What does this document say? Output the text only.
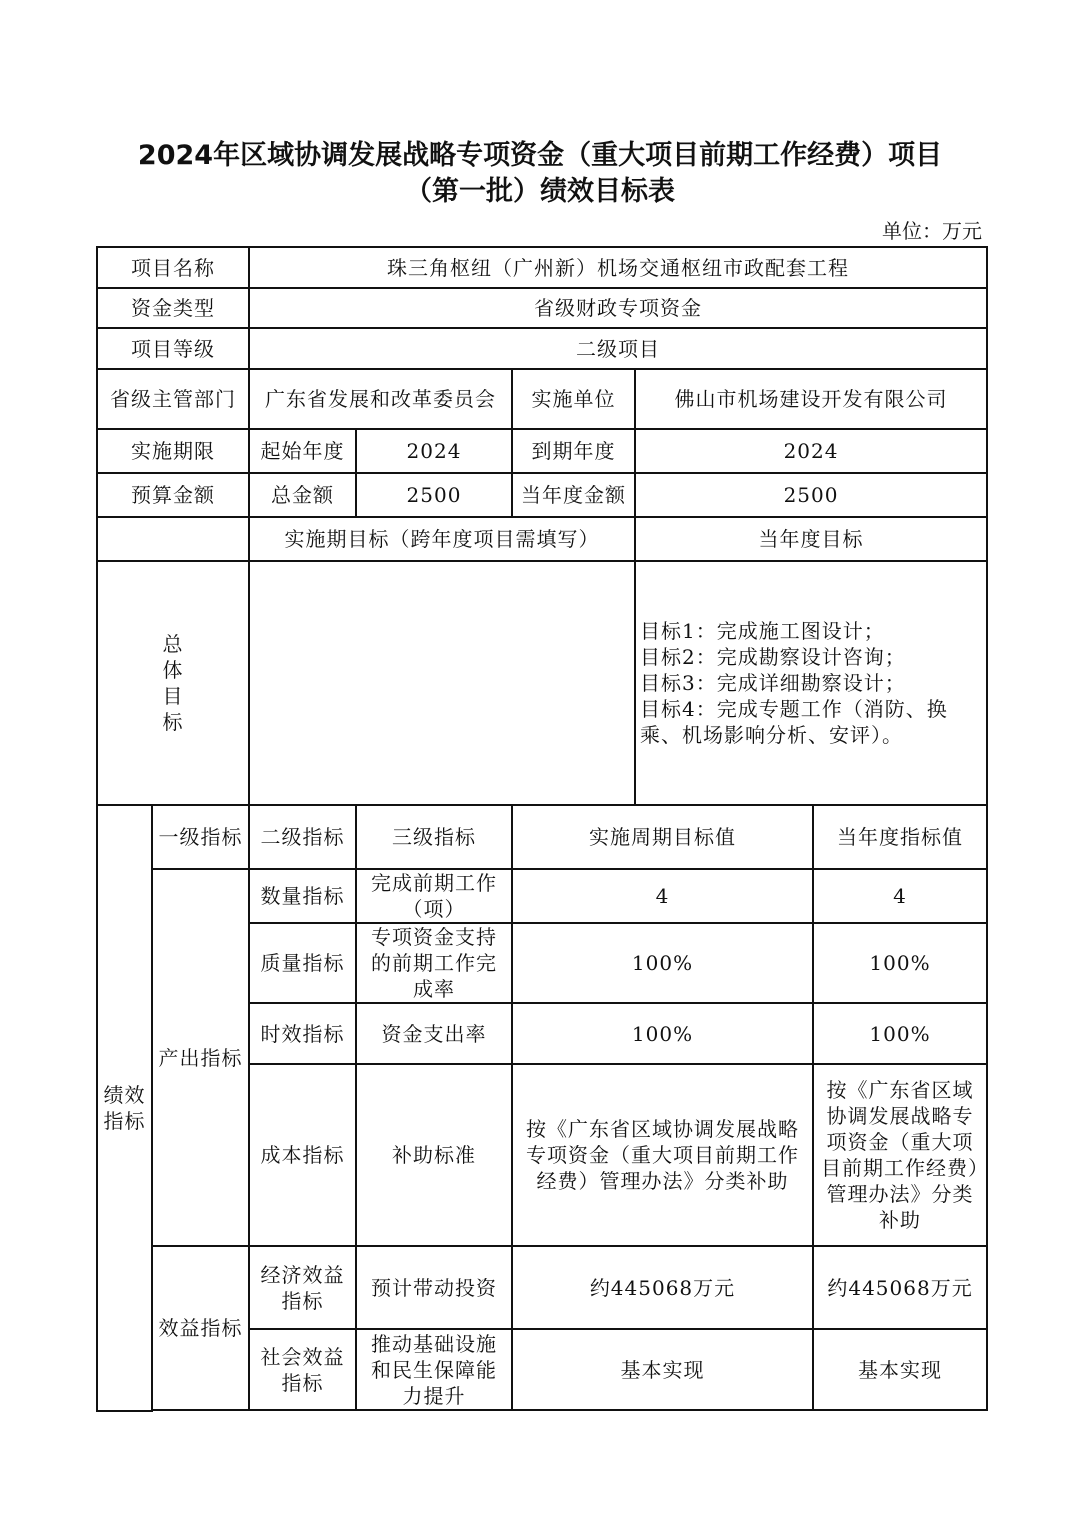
2024年区域协调发展战略专项资金（重大项目前期工作经费）项目
（第一批）绩效目标表
单位：万元
项目名称		珠三角枢纽（广州新）机场交通枢纽市政配套工程					
资金类型		省级财政专项资金					
项目等级		二级项目					
省级主管部门		广东省发展和改革委员会		实施单位	佛山市机场建设开发有限公司		
实施期限		起始年度	2024	到期年度	2024		
预算金额		总金额	2500	当年度金额	2500		
		实施期目标（跨年度项目需填写）			当年度目标		

总体目标					目标1：完成施工图设计；
目标2：完成勘察设计咨询；
目标3：完成详细勘察设计；
目标4：完成专题工作（消防、换乘、机场影响分析、安评）。		

绩效指标	一级指标	二级指标	三级指标	实施周期目标值		当年度指标值	
	产出指标	数量指标	完成前期工作（项）	4		4	
		质量指标	专项资金支持的前期工作完成率	100%		100%	
		时效指标	资金支出率	100%		100%	
		成本指标	补助标准	按《广东省区域协调发展战略专项资金（重大项目前期工作经费）管理办法》分类补助		按《广东省区域协调发展战略专项资金（重大项目前期工作经费）管理办法》分类补助	
	效益指标	经济效益指标	预计带动投资	约445068万元		约445068万元	
		社会效益指标	推动基础设施和民生保障能力提升	基本实现		基本实现	
